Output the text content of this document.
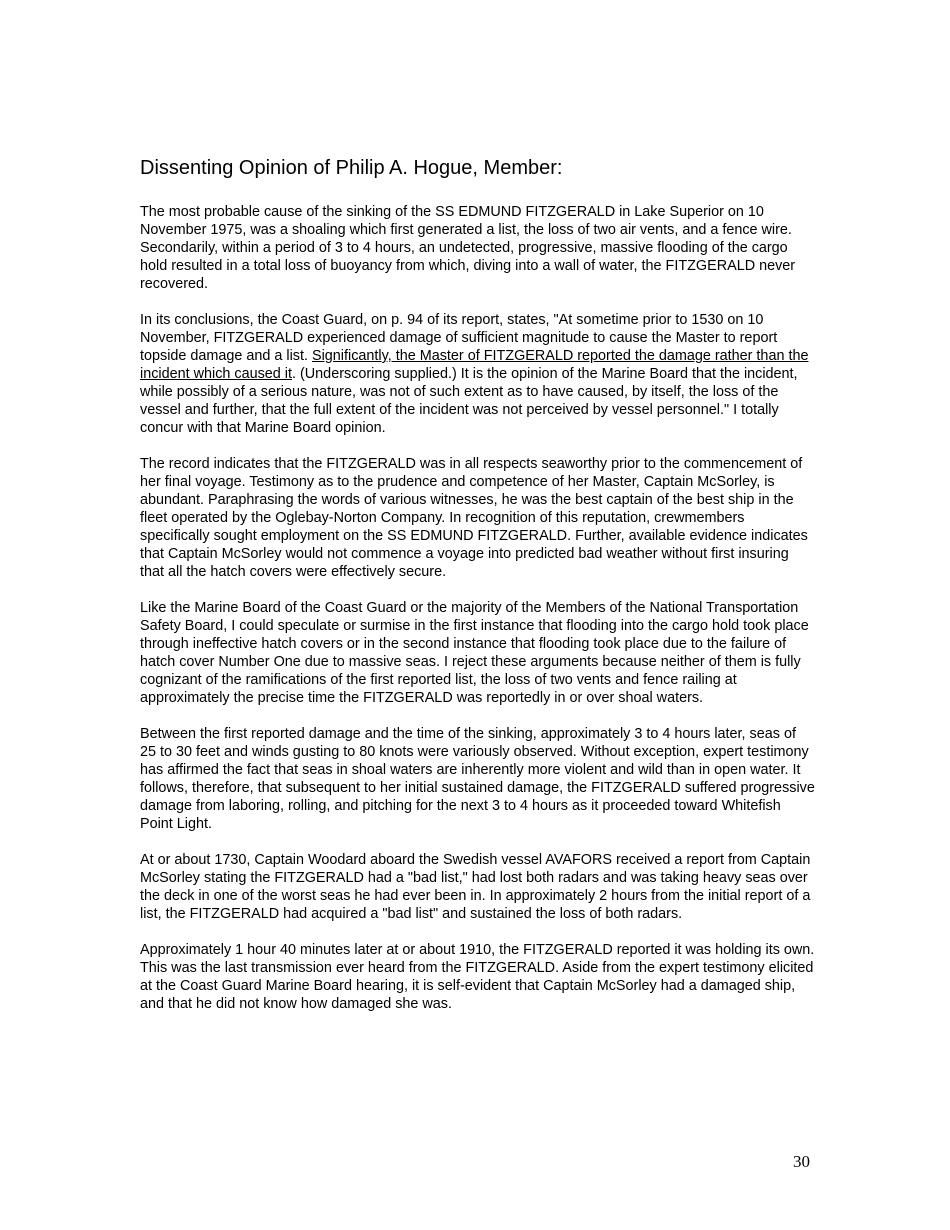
Dissenting Opinion of Philip A. Hogue, Member:

The most probable cause of the sinking of the SS EDMUND FITZGERALD in Lake Superior on 10 November 1975, was a shoaling which first generated a list, the loss of two air vents, and a fence wire. Secondarily, within a period of 3 to 4 hours, an undetected, progressive, massive flooding of the cargo hold resulted in a total loss of buoyancy from which, diving into a wall of water, the FITZGERALD never recovered.

In its conclusions, the Coast Guard, on p. 94 of its report, states, "At sometime prior to 1530 on 10 November, FITZGERALD experienced damage of sufficient magnitude to cause the Master to report topside damage and a list. Significantly, the Master of FITZGERALD reported the damage rather than the incident which caused it. (Underscoring supplied.) It is the opinion of the Marine Board that the incident, while possibly of a serious nature, was not of such extent as to have caused, by itself, the loss of the vessel and further, that the full extent of the incident was not perceived by vessel personnel." I totally concur with that Marine Board opinion.

The record indicates that the FITZGERALD was in all respects seaworthy prior to the commencement of her final voyage. Testimony as to the prudence and competence of her Master, Captain McSorley, is abundant. Paraphrasing the words of various witnesses, he was the best captain of the best ship in the fleet operated by the Oglebay-Norton Company. In recognition of this reputation, crewmembers specifically sought employment on the SS EDMUND FITZGERALD. Further, available evidence indicates that Captain McSorley would not commence a voyage into predicted bad weather without first insuring that all the hatch covers were effectively secure.

Like the Marine Board of the Coast Guard or the majority of the Members of the National Transportation Safety Board, I could speculate or surmise in the first instance that flooding into the cargo hold took place through ineffective hatch covers or in the second instance that flooding took place due to the failure of hatch cover Number One due to massive seas. I reject these arguments because neither of them is fully cognizant of the ramifications of the first reported list, the loss of two vents and fence railing at approximately the precise time the FITZGERALD was reportedly in or over shoal waters.

Between the first reported damage and the time of the sinking, approximately 3 to 4 hours later, seas of 25 to 30 feet and winds gusting to 80 knots were variously observed. Without exception, expert testimony has affirmed the fact that seas in shoal waters are inherently more violent and wild than in open water. It follows, therefore, that subsequent to her initial sustained damage, the FITZGERALD suffered progressive damage from laboring, rolling, and pitching for the next 3 to 4 hours as it proceeded toward Whitefish Point Light.

At or about 1730, Captain Woodard aboard the Swedish vessel AVAFORS received a report from Captain McSorley stating the FITZGERALD had a "bad list," had lost both radars and was taking heavy seas over the deck in one of the worst seas he had ever been in. In approximately 2 hours from the initial report of a list, the FITZGERALD had acquired a "bad list" and sustained the loss of both radars.

Approximately 1 hour 40 minutes later at or about 1910, the FITZGERALD reported it was holding its own. This was the last transmission ever heard from the FITZGERALD. Aside from the expert testimony elicited at the Coast Guard Marine Board hearing, it is self-evident that Captain McSorley had a damaged ship, and that he did not know how damaged she was.

30
